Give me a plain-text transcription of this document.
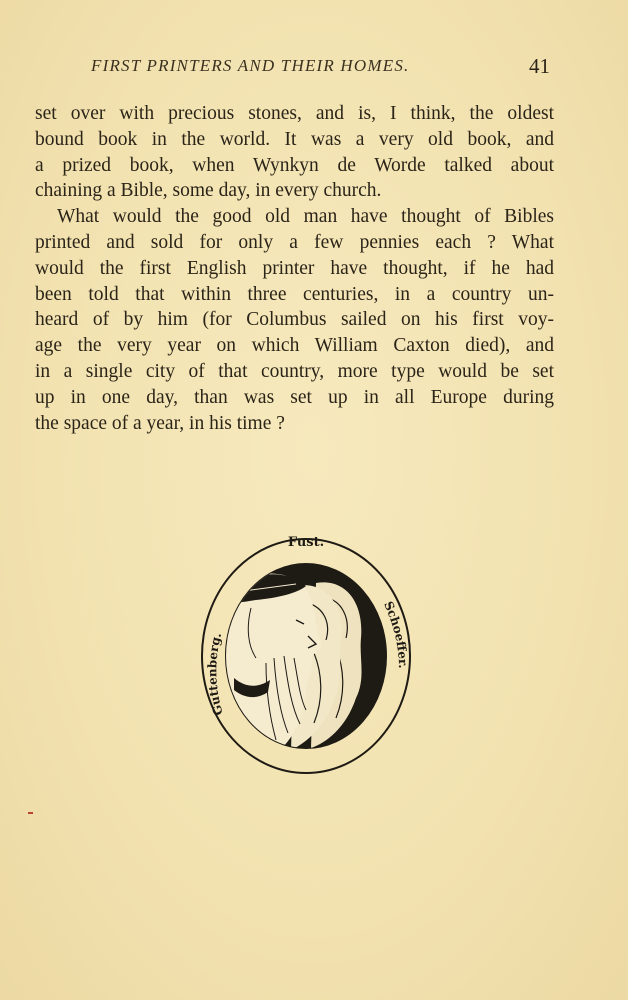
FIRST PRINTERS AND THEIR HOMES.	41
set over with precious stones, and is, I think, the oldest
bound book in the world. It was a very old book, and
a prized book, when Wynkyn de Worde talked about
chaining a Bible, some day, in every church.
What would the good old man have thought of Bibles
printed and sold for only a few pennies each ? What
would the first English printer have thought, if he had
been told that within three centuries, in a country un-
heard of by him (for Columbus sailed on his first voy-
age the very year on which William Caxton died), and
in a single city of that country, more type would be set
up in one day, than was set up in all Europe during
the space of a year, in his time ?
Fust.
Guttenberg.
Schoeffer.
